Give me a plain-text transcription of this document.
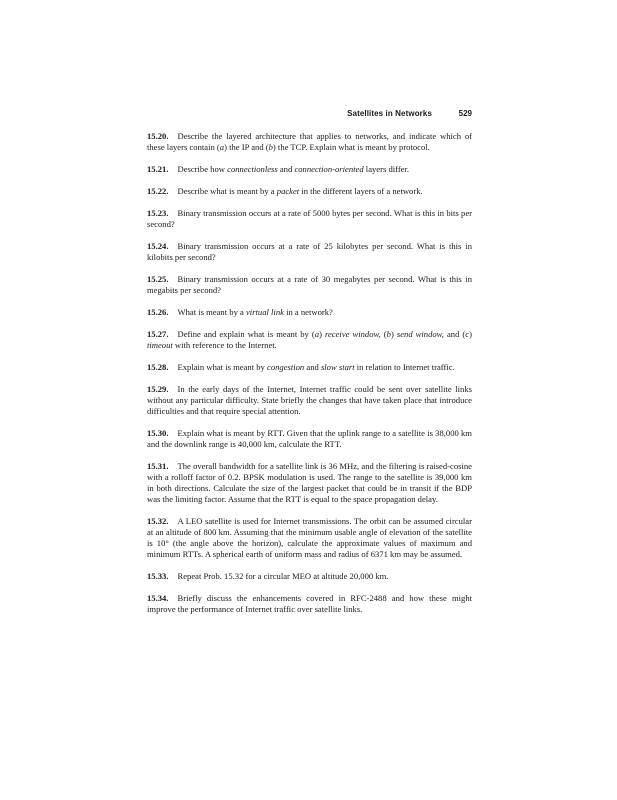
Satellites in Networks	529

15.20. Describe the layered architecture that applies to networks, and indicate which of these layers contain (a) the IP and (b) the TCP. Explain what is meant by protocol.

15.21. Describe how connectionless and connection-oriented layers differ.

15.22. Describe what is meant by a packet in the different layers of a network.

15.23. Binary transmission occurs at a rate of 5000 bytes per second. What is this in bits per second?

15.24. Binary transmission occurs at a rate of 25 kilobytes per second. What is this in kilobits per second?

15.25. Binary transmission occurs at a rate of 30 megabytes per second. What is this in megabits per second?

15.26. What is meant by a virtual link in a network?

15.27. Define and explain what is meant by (a) receive window, (b) send window, and (c) timeout with reference to the Internet.

15.28. Explain what is meant by congestion and slow start in relation to Internet traffic.

15.29. In the early days of the Internet, Internet traffic could be sent over satellite links without any particular difficulty. State briefly the changes that have taken place that introduce difficulties and that require special attention.

15.30. Explain what is meant by RTT. Given that the uplink range to a satellite is 38,000 km and the downlink range is 40,000 km, calculate the RTT.

15.31. The overall bandwidth for a satellite link is 36 MHz, and the filtering is raised-cosine with a rolloff factor of 0.2. BPSK modulation is used. The range to the satellite is 39,000 km in both directions. Calculate the size of the largest packet that could be in transit if the BDP was the limiting factor. Assume that the RTT is equal to the space propagation delay.

15.32. A LEO satellite is used for Internet transmissions. The orbit can be assumed circular at an altitude of 800 km. Assuming that the minimum usable angle of elevation of the satellite is 10° (the angle above the horizon), calculate the approximate values of maximum and minimum RTTs. A spherical earth of uniform mass and radius of 6371 km may be assumed.

15.33. Repeat Prob. 15.32 for a circular MEO at altitude 20,000 km.

15.34. Briefly discuss the enhancements covered in RFC-2488 and how these might improve the performance of Internet traffic over satellite links.
